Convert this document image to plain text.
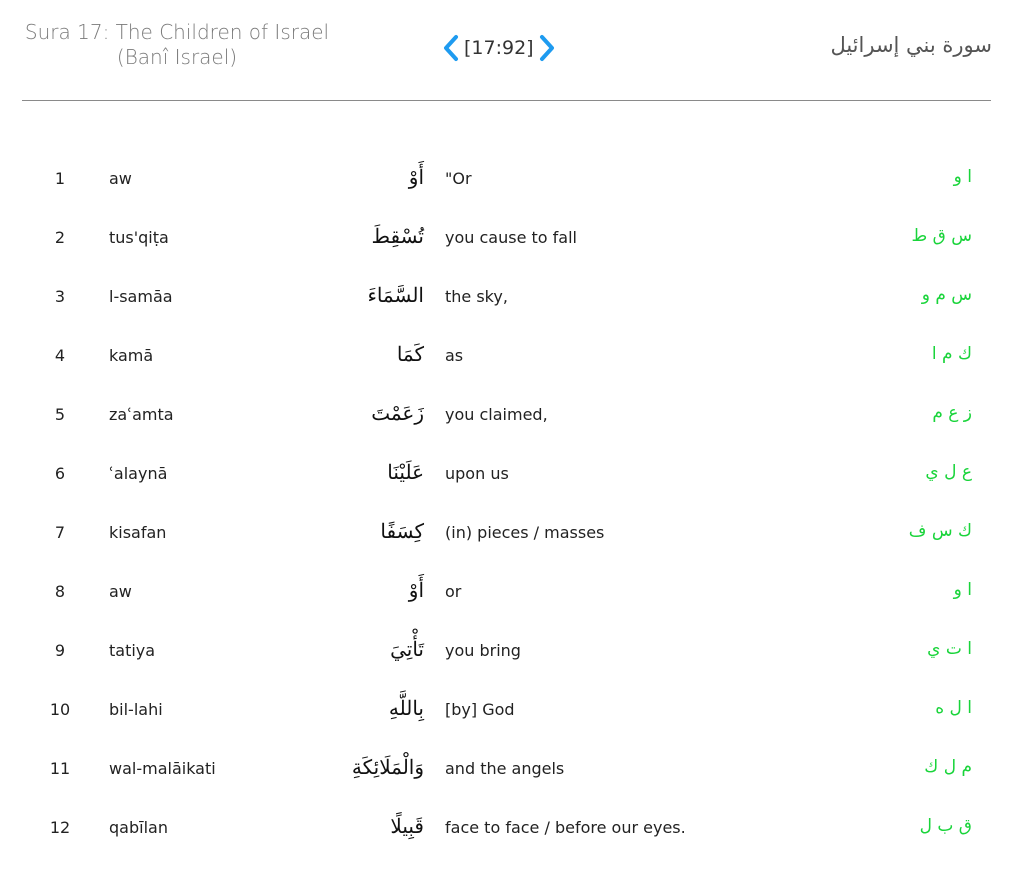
Sura 17: The Children of Israel
(Banî Israel)	[17:92]	سورة بني إسرائيل
1	aw	أَوْ "Or	ا و
2	tus'qiṭa	تُسْقِطَ you cause to fall	س ق ط
3	l-samāa	السَّمَاءَ the sky,	س م و
4	kamā	كَمَا as	ك م ا
5	zaʿamta	زَعَمْتَ you claimed,	ز ع م
6	ʿalaynā	عَلَيْنَا upon us	ع ل ي
7	kisafan	كِسَفًا (in) pieces / masses	ك س ف
8	aw	أَوْ or	ا و
9	tatiya	تَأْتِيَ you bring	ا ت ي
10	bil-lahi	بِاللَّهِ [by] God	ا ل ه
11	wal-malāikati	وَالْمَلَائِكَةِ and the angels	م ل ك
12	qabīlan	قَبِيلًا face to face / before our eyes.	ق ب ل
